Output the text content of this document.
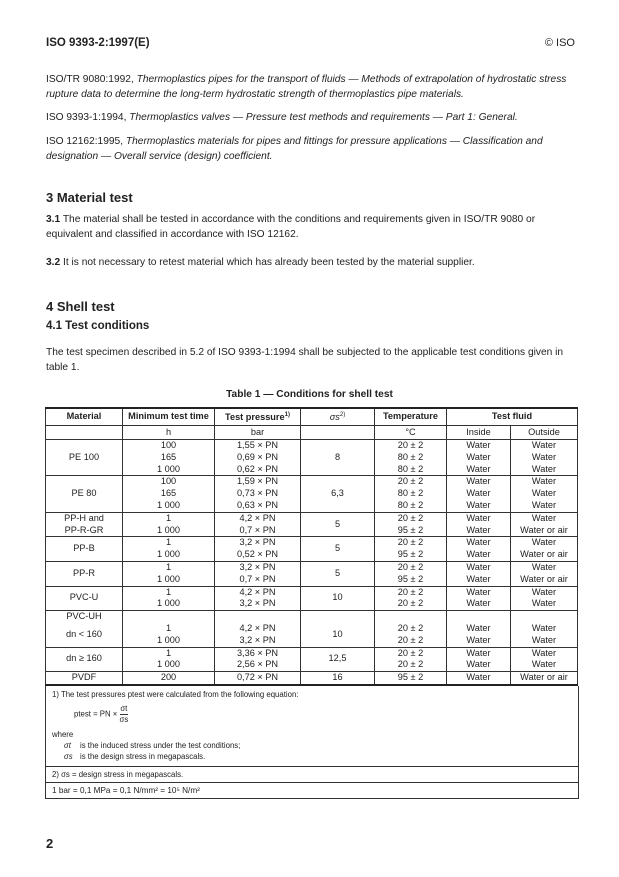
ISO 9393-2:1997(E)	© ISO
ISO/TR 9080:1992, Thermoplastics pipes for the transport of fluids — Methods of extrapolation of hydrostatic stress rupture data to determine the long-term hydrostatic strength of thermoplastics pipe materials.
ISO 9393-1:1994, Thermoplastics valves — Pressure test methods and requirements — Part 1: General.
ISO 12162:1995, Thermoplastics materials for pipes and fittings for pressure applications — Classification and designation — Overall service (design) coefficient.
3 Material test
3.1 The material shall be tested in accordance with the conditions and requirements given in ISO/TR 9080 or equivalent and classified in accordance with ISO 12162.
3.2 It is not necessary to retest material which has already been tested by the material supplier.
4 Shell test
4.1 Test conditions
The test specimen described in 5.2 of ISO 9393-1:1994 shall be subjected to the applicable test conditions given in table 1.
Table 1 — Conditions for shell test
Material	Minimum test time	Test pressure$^{1)}$	$\sigma s^{2)}$	Temperature	Test fluid	
	h	bar		°C	Inside	Outside
PE 100	100	1,55 × PN	8	20 ± 2	Water	Water
	165	0,69 × PN		80 ± 2	Water	Water
	1 000	0,62 × PN		80 ± 2	Water	Water
PE 80	100	1,59 × PN	6,3	20 ± 2	Water	Water
	165	0,73 × PN		80 ± 2	Water	Water
	1 000	0,63 × PN		80 ± 2	Water	Water
PP-H and
PP-R-GR	1	4,2 × PN	5	20 ± 2	Water	Water
	1 000	0,7 × PN		95 ± 2	Water	Water or air
PP-B	1	3,2 × PN	5	20 ± 2	Water	Water
	1 000	0,52 × PN		95 ± 2	Water	Water or air
PP-R	1	3,2 × PN	5	20 ± 2	Water	Water
	1 000	0,7 × PN		95 ± 2	Water	Water or air
PVC-U	1	4,2 × PN	10	20 ± 2	Water	Water
	1 000	3,2 × PN		20 ± 2	Water	Water
PVC-UH						
dn < 160	1	4,2 × PN	10	20 ± 2	Water	Water
	1 000	3,2 × PN		20 ± 2	Water	Water
dn ≥ 160	1	3,36 × PN	12,5	20 ± 2	Water	Water
	1 000	2,56 × PN		20 ± 2	Water	Water
PVDF	200	0,72 × PN	16	95 ± 2	Water	Water or air
1) The test pressures ptest were calculated from the following equation:
ptest = PN × $\frac{\sigma t}{\sigma s}$
where
σt is the induced stress under the test conditions;
σs is the design stress in megapascals.
2) σs = design stress in megapascals.
1 bar = 0,1 MPa = 0,1 N/mm² = 10⁵ N/m²
2
